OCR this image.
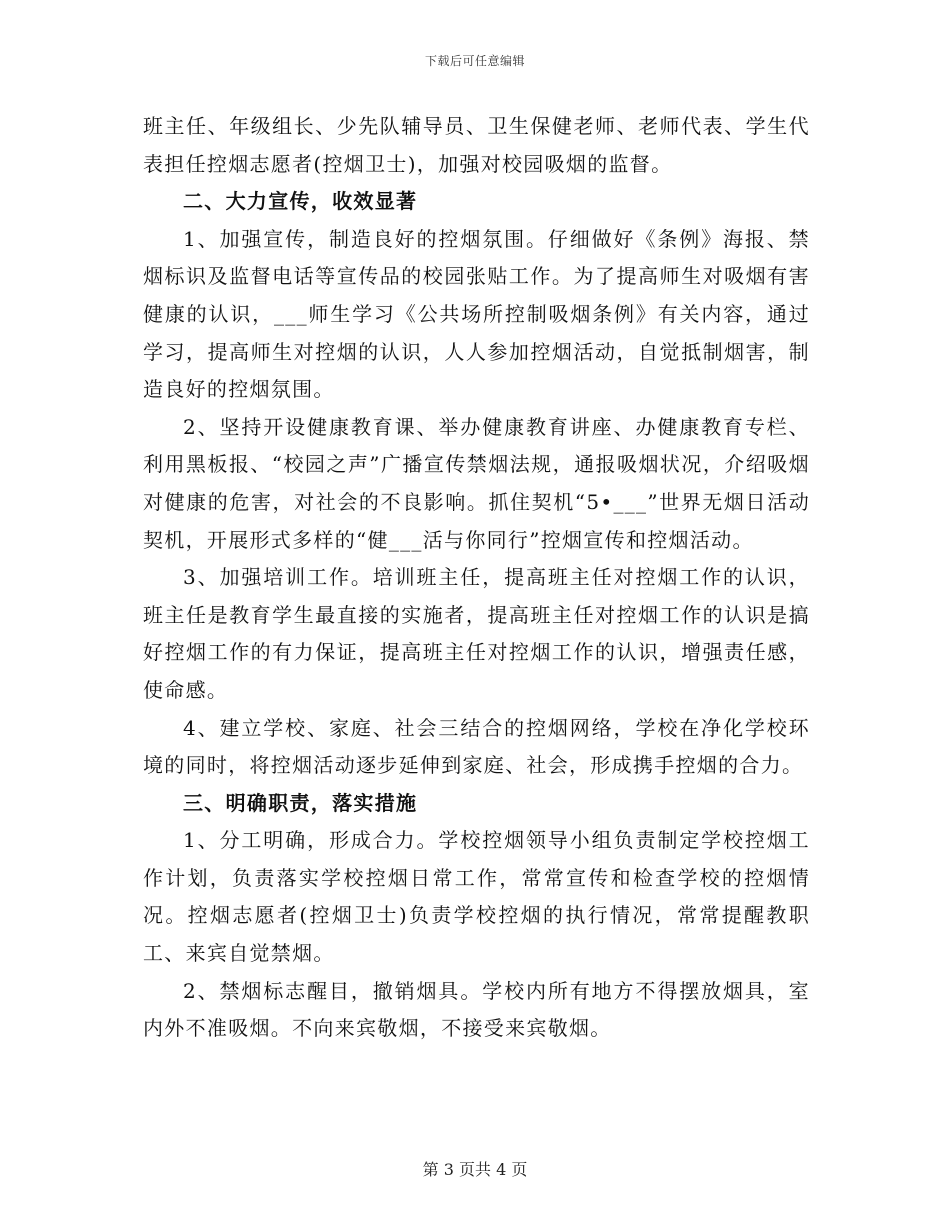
下载后可任意编辑

班主任、年级组长、少先队辅导员、卫生保健老师、老师代表、学生代表担任控烟志愿者(控烟卫士)，加强对校园吸烟的监督。

二、大力宣传，收效显著

1、加强宣传，制造良好的控烟氛围。仔细做好《条例》海报、禁烟标识及监督电话等宣传品的校园张贴工作。为了提高师生对吸烟有害健康的认识，___师生学习《公共场所控制吸烟条例》有关内容，通过学习，提高师生对控烟的认识，人人参加控烟活动，自觉抵制烟害，制造良好的控烟氛围。

2、坚持开设健康教育课、举办健康教育讲座、办健康教育专栏、利用黑板报、“校园之声”广播宣传禁烟法规，通报吸烟状况，介绍吸烟对健康的危害，对社会的不良影响。抓住契机“5•___”世界无烟日活动契机，开展形式多样的“健___活与你同行”控烟宣传和控烟活动。

3、加强培训工作。培训班主任，提高班主任对控烟工作的认识，班主任是教育学生最直接的实施者，提高班主任对控烟工作的认识是搞好控烟工作的有力保证，提高班主任对控烟工作的认识，增强责任感，使命感。

4、建立学校、家庭、社会三结合的控烟网络，学校在净化学校环境的同时，将控烟活动逐步延伸到家庭、社会，形成携手控烟的合力。

三、明确职责，落实措施

1、分工明确，形成合力。学校控烟领导小组负责制定学校控烟工作计划，负责落实学校控烟日常工作，常常宣传和检查学校的控烟情况。控烟志愿者(控烟卫士)负责学校控烟的执行情况，常常提醒教职工、来宾自觉禁烟。

2、禁烟标志醒目，撤销烟具。学校内所有地方不得摆放烟具，室内外不准吸烟。不向来宾敬烟，不接受来宾敬烟。

第 3 页共 4 页
